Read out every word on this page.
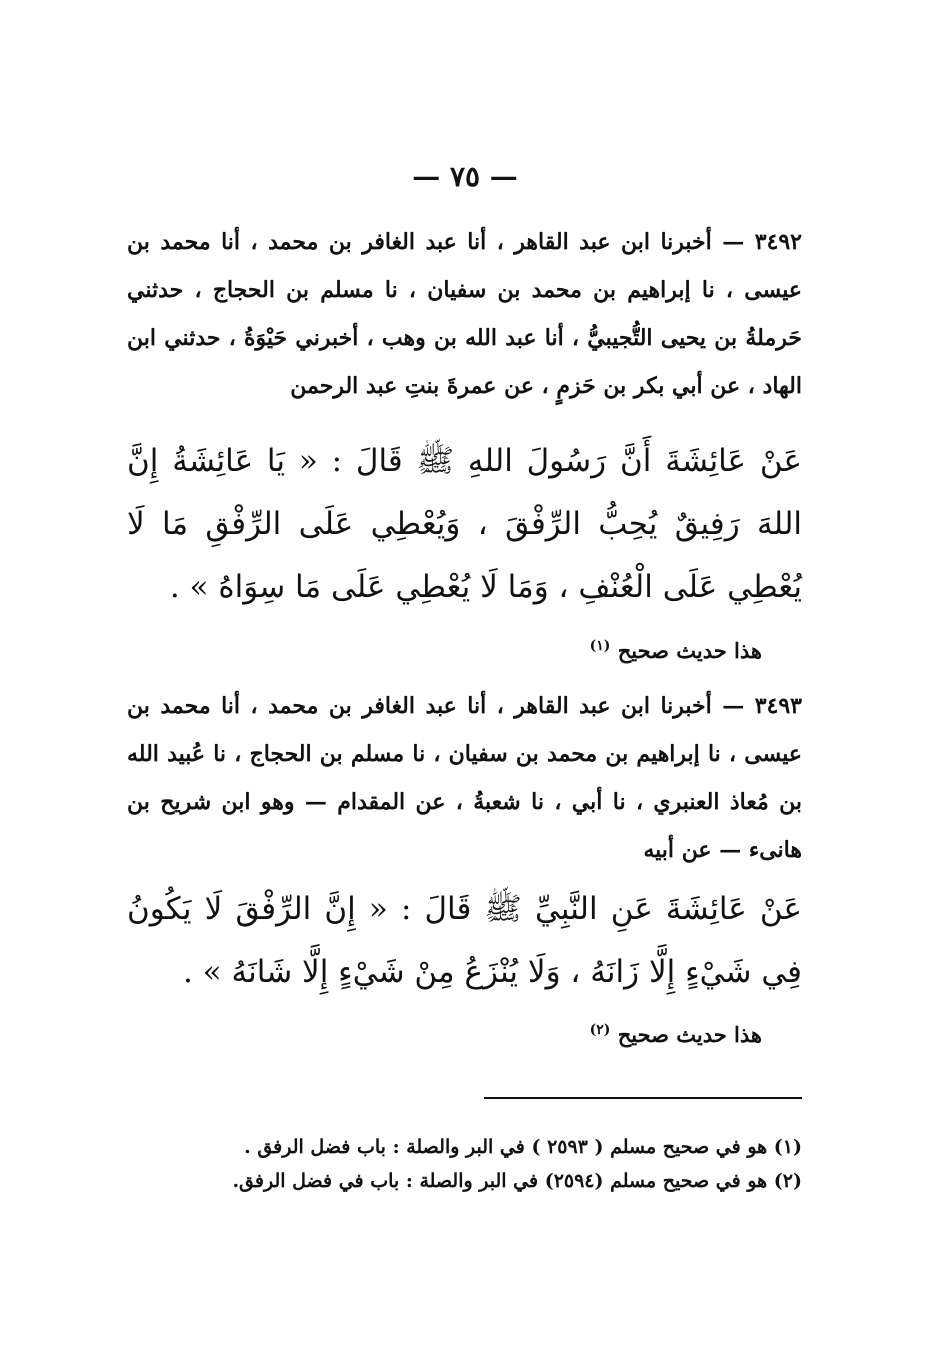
— ٧٥ —
٣٤٩٢ — أخبرنا ابن عبد القاهر ، أنا عبد الغافر بن محمد ، أنا محمد بن عيسى ، نا إبراهيم بن محمد بن سفيان ، نا مسلم بن الحجاج ، حدثني حَرملةُ بن يحيى التُّجيبيُّ ، أنا عبد الله بن وهب ، أخبرني حَيْوَةُ ، حدثني ابن الهاد ، عن أبي بكر بن حَزمٍ ، عن عمرةَ بنتِ عبد الرحمن
عَنْ عَائِشَةَ أَنَّ رَسُولَ اللهِ ﷺ قَالَ : « يَا عَائِشَةُ إِنَّ اللهَ رَفِيقٌ يُحِبُّ الرِّفْقَ ، وَيُعْطِي عَلَى الرِّفْقِ مَا لَا يُعْطِي عَلَى الْعُنْفِ ، وَمَا لَا يُعْطِي عَلَى مَا سِوَاهُ » .
هذا حديث صحيح $^{(١)}$
٣٤٩٣ — أخبرنا ابن عبد القاهر ، أنا عبد الغافر بن محمد ، أنا محمد بن عيسى ، نا إبراهيم بن محمد بن سفيان ، نا مسلم بن الحجاج ، نا عُبيد الله بن مُعاذ العنبري ، نا أبي ، نا شعبةُ ، عن المقدام — وهو ابن شريح بن هانىء — عن أبيه
عَنْ عَائِشَةَ عَنِ النَّبِيِّ ﷺ قَالَ : « إِنَّ الرِّفْقَ لَا يَكُونُ فِي شَيْءٍ إِلَّا زَانَهُ ، وَلَا يُنْزَعُ مِنْ شَيْءٍ إِلَّا شَانَهُ » .
هذا حديث صحيح $^{(٢)}$
(١) هو في صحيح مسلم ( ٢٥٩٣ ) في البر والصلة : باب فضل الرفق .
(٢) هو في صحيح مسلم (٢٥٩٤) في البر والصلة : باب في فضل الرفق.
